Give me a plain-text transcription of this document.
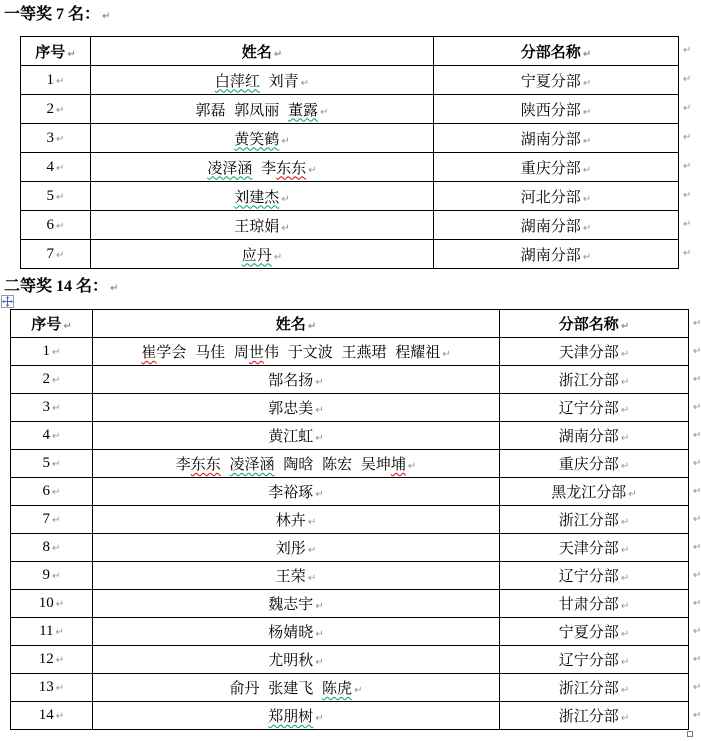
一等奖 7 名： ↵
序号 ↵	姓名 ↵	分部名称 ↵
1 ↵	白萍红 刘青 ↵	宁夏分部 ↵
2 ↵	郭磊 郭凤丽 董露 ↵	陕西分部 ↵
3 ↵	黄笑鹤 ↵	湖南分部 ↵
4 ↵	凌泽涵 李东东 ↵	重庆分部 ↵
5 ↵	刘建杰 ↵	河北分部 ↵
6 ↵	王琼娟 ↵	湖南分部 ↵
7 ↵	应丹 ↵	湖南分部 ↵
↵
↵
↵
↵
↵
↵
↵
↵
二等奖 14 名： ↵
序号 ↵	姓名 ↵	分部名称 ↵
1 ↵	崔学会 马佳 周世伟 于文波 王燕珺 程耀祖 ↵	天津分部 ↵
2 ↵	郜名扬 ↵	浙江分部 ↵
3 ↵	郭忠美 ↵	辽宁分部 ↵
4 ↵	黄江虹 ↵	湖南分部 ↵
5 ↵	李东东 凌泽涵 陶晗 陈宏 吴坤埔 ↵	重庆分部 ↵
6 ↵	李裕琢 ↵	黑龙江分部 ↵
7 ↵	林卉 ↵	浙江分部 ↵
8 ↵	刘彤 ↵	天津分部 ↵
9 ↵	王荣 ↵	辽宁分部 ↵
10 ↵	魏志宇 ↵	甘肃分部 ↵
11 ↵	杨婧晓 ↵	宁夏分部 ↵
12 ↵	尤明秋 ↵	辽宁分部 ↵
13 ↵	俞丹 张建飞 陈虎 ↵	浙江分部 ↵
14 ↵	郑朋树 ↵	浙江分部 ↵
↵
↵
↵
↵
↵
↵
↵
↵
↵
↵
↵
↵
↵
↵
↵
